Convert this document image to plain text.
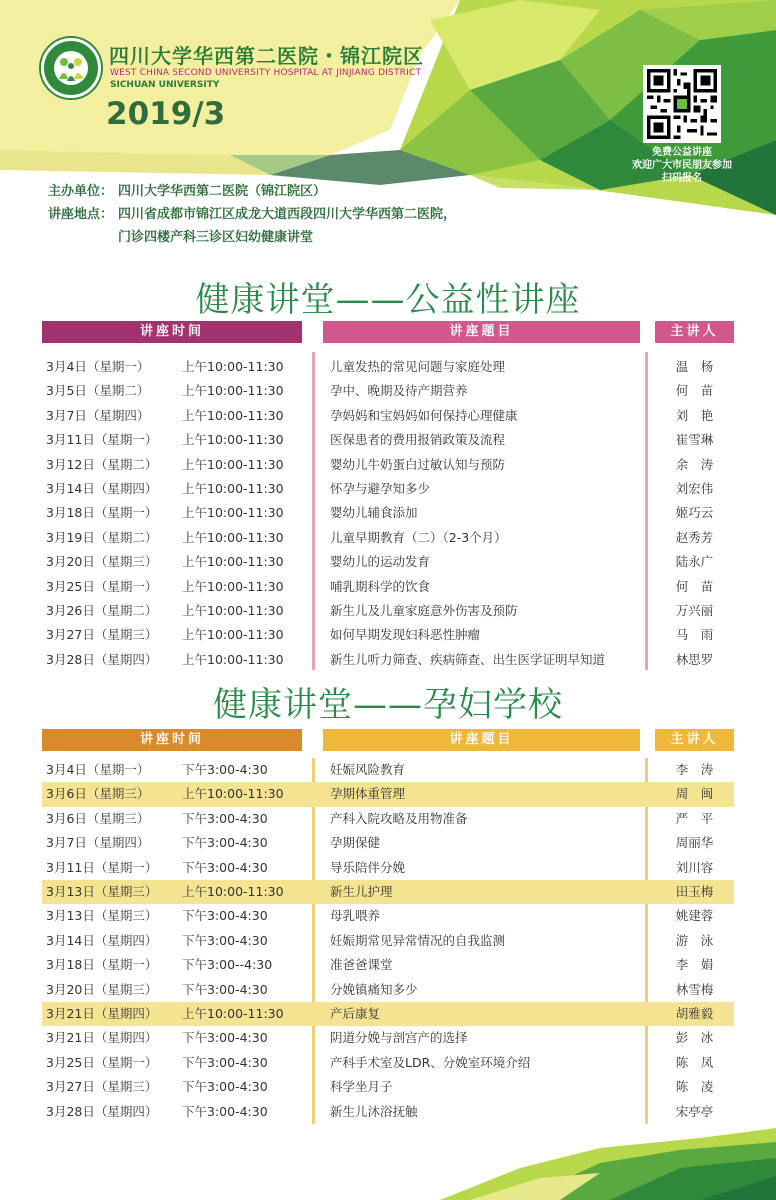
四川大学华西第二医院・锦江院区
WEST CHINA SECOND UNIVERSITY HOSPITAL AT JINJIANG DISTRICT
SICHUAN UNIVERSITY
2019/3
免费公益讲座
欢迎广大市民朋友参加
扫码报名
主办单位： 四川大学华西第二医院（锦江院区）
讲座地点： 四川省成都市锦江区成龙大道西段四川大学华西第二医院，
门诊四楼产科三诊区妇幼健康讲堂
健康讲堂——公益性讲座
讲座时间	讲座题目	主讲人
3月4日（星期一）	上午10:00-11:30	儿童发热的常见问题与家庭处理	温　杨
3月5日（星期二）	上午10:00-11:30	孕中、晚期及待产期营养	何　苗
3月7日（星期四）	上午10:00-11:30	孕妈妈和宝妈妈如何保持心理健康	刘　艳
3月11日（星期一） 上午10:00-11:30	医保患者的费用报销政策及流程	崔雪琳
3月12日（星期二） 上午10:00-11:30	婴幼儿牛奶蛋白过敏认知与预防	余　涛
3月14日（星期四） 上午10:00-11:30	怀孕与避孕知多少	刘宏伟
3月18日（星期一） 上午10:00-11:30	婴幼儿辅食添加	姬巧云
3月19日（星期二） 上午10:00-11:30	儿童早期教育（二）（2-3个月）	赵秀芳
3月20日（星期三） 上午10:00-11:30	婴幼儿的运动发育	陆永广
3月25日（星期一） 上午10:00-11:30	哺乳期科学的饮食	何　苗
3月26日（星期二） 上午10:00-11:30	新生儿及儿童家庭意外伤害及预防	万兴丽
3月27日（星期三） 上午10:00-11:30	如何早期发现妇科恶性肿瘤	马　雨
3月28日（星期四） 上午10:00-11:30	新生儿听力筛查、疾病筛查、出生医学证明早知道	林思罗
健康讲堂——孕妇学校
讲座时间	讲座题目	主讲人
3月4日（星期一）	下午3:00-4:30	妊娠风险教育	李　涛
3月6日（星期三）	上午10:00-11:30	孕期体重管理	周　闽
3月6日（星期三）	下午3:00-4:30	产科入院攻略及用物准备	严　平
3月7日（星期四）	下午3:00-4:30	孕期保健	周丽华
3月11日（星期一） 下午3:00-4:30	导乐陪伴分娩	刘川容
3月13日（星期三） 上午10:00-11:30	新生儿护理	田玉梅
3月13日（星期三） 下午3:00-4:30	母乳喂养	姚建蓉
3月14日（星期四） 下午3:00-4:30	妊娠期常见异常情况的自我监测	游　泳
3月18日（星期一） 下午3:00--4:30	准爸爸课堂	李　娟
3月20日（星期三） 下午3:00-4:30	分娩镇痛知多少	林雪梅
3月21日（星期四） 上午10:00-11:30	产后康复	胡雅毅
3月21日（星期四） 下午3:00-4:30	阴道分娩与剖宫产的选择	彭　冰
3月25日（星期一） 下午3:00-4:30	产科手术室及LDR、分娩室环境介绍	陈　凤
3月27日（星期三） 下午3:00-4:30	科学坐月子	陈　凌
3月28日（星期四） 下午3:00-4:30	新生儿沐浴抚触	宋亭亭
